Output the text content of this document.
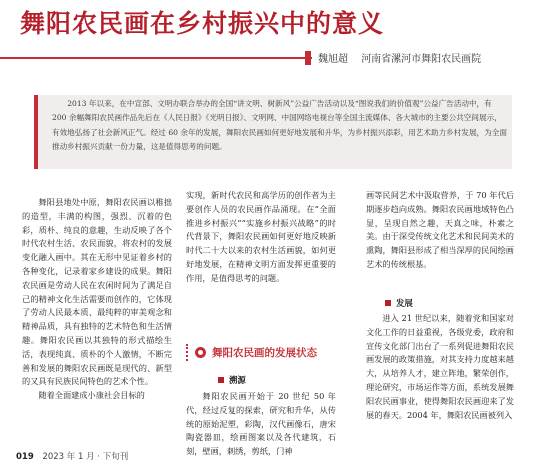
舞阳农民画在乡村振兴中的意义
魏旭超 河南省漯河市舞阳农民画院

2013 年以来，在中宣部、文明办联合举办的全国“讲文明、树新风”公益广告活动以及“图说我们的价值观”公益广告活动中，有 200 余幅舞阳农民画作品先后在《人民日报》《光明日报》、文明网、中国网络电视台等全国主流媒体、各大城市的主要公共空间展示，有效地弘扬了社会新风正气。经过 60 余年的发展，舞阳农民画如何更好地发展和升华，为乡村振兴添彩，用艺术助力乡村发展，为全面推动乡村振兴贡献一份力量，这是值得思考的问题。

舞阳县地处中原，舞阳农民画以稚拙的造型，丰满的构图，强烈、沉着的色彩，质朴、纯良的意趣，生动反映了各个时代农村生活、农民面貌，将农村的发展变化融入画中。其在无形中见证着乡村的各种变化，记录着家乡建设的成果。舞阳农民画是劳动人民在农闲时间为了满足自己的精神文化生活需要而创作的，它体现了劳动人民最本质、最纯粹的审美观念和精神品质，具有独特的艺术特色和生活情趣。舞阳农民画以其独特的形式描绘生活，表现纯真、质朴的个人激情，不断完善和发展的舞阳农民画既是现代的、新型的又具有民族民间特色的艺术个性。

随着全面建成小康社会目标的

实现，新时代农民和高学历的创作者为主要创作人员的农民画作品涌现。在“全面推进乡村振兴”“实施乡村振兴战略”的时代背景下，舞阳农民画如何更好地反映新时代二十大以来的农村生活画貌，如何更好地发展，在精神文明方面发挥更重要的作用，是值得思考的问题。

舞阳农民画的发展状态
溯源

舞阳农民画开始于 20 世纪 50 年代，经过反复的探索，研究和升华，从传统的原始泥塑，彩陶，汉代画像石，唐宋陶瓷器皿，绘画图案以及各代建筑，石刻，壁画，刺绣，剪纸，门神

画等民间艺术中汲取营养，于 70 年代后期逐步趋向成熟。舞阳农民画地域特色凸显，呈现自然之趣，天真之味，朴素之美。由于深受传统文化艺术和民间美术的熏陶，舞阳县形成了相当深厚的民间绘画艺术的传统根基。

发展

进入 21 世纪以来，随着党和国家对文化工作的日益重视，各级党委，政府和宣传文化部门出台了一系列促进舞阳农民画发展的政策措施，对其支持力度越来越大，从培养人才，建立阵地，繁荣创作，理论研究，市场运作等方面，系统发展舞阳农民画事业，使得舞阳农民画迎来了发展的春天。2004 年，舞阳农民画被列入

019 2023 年 1 月 · 下旬刊
